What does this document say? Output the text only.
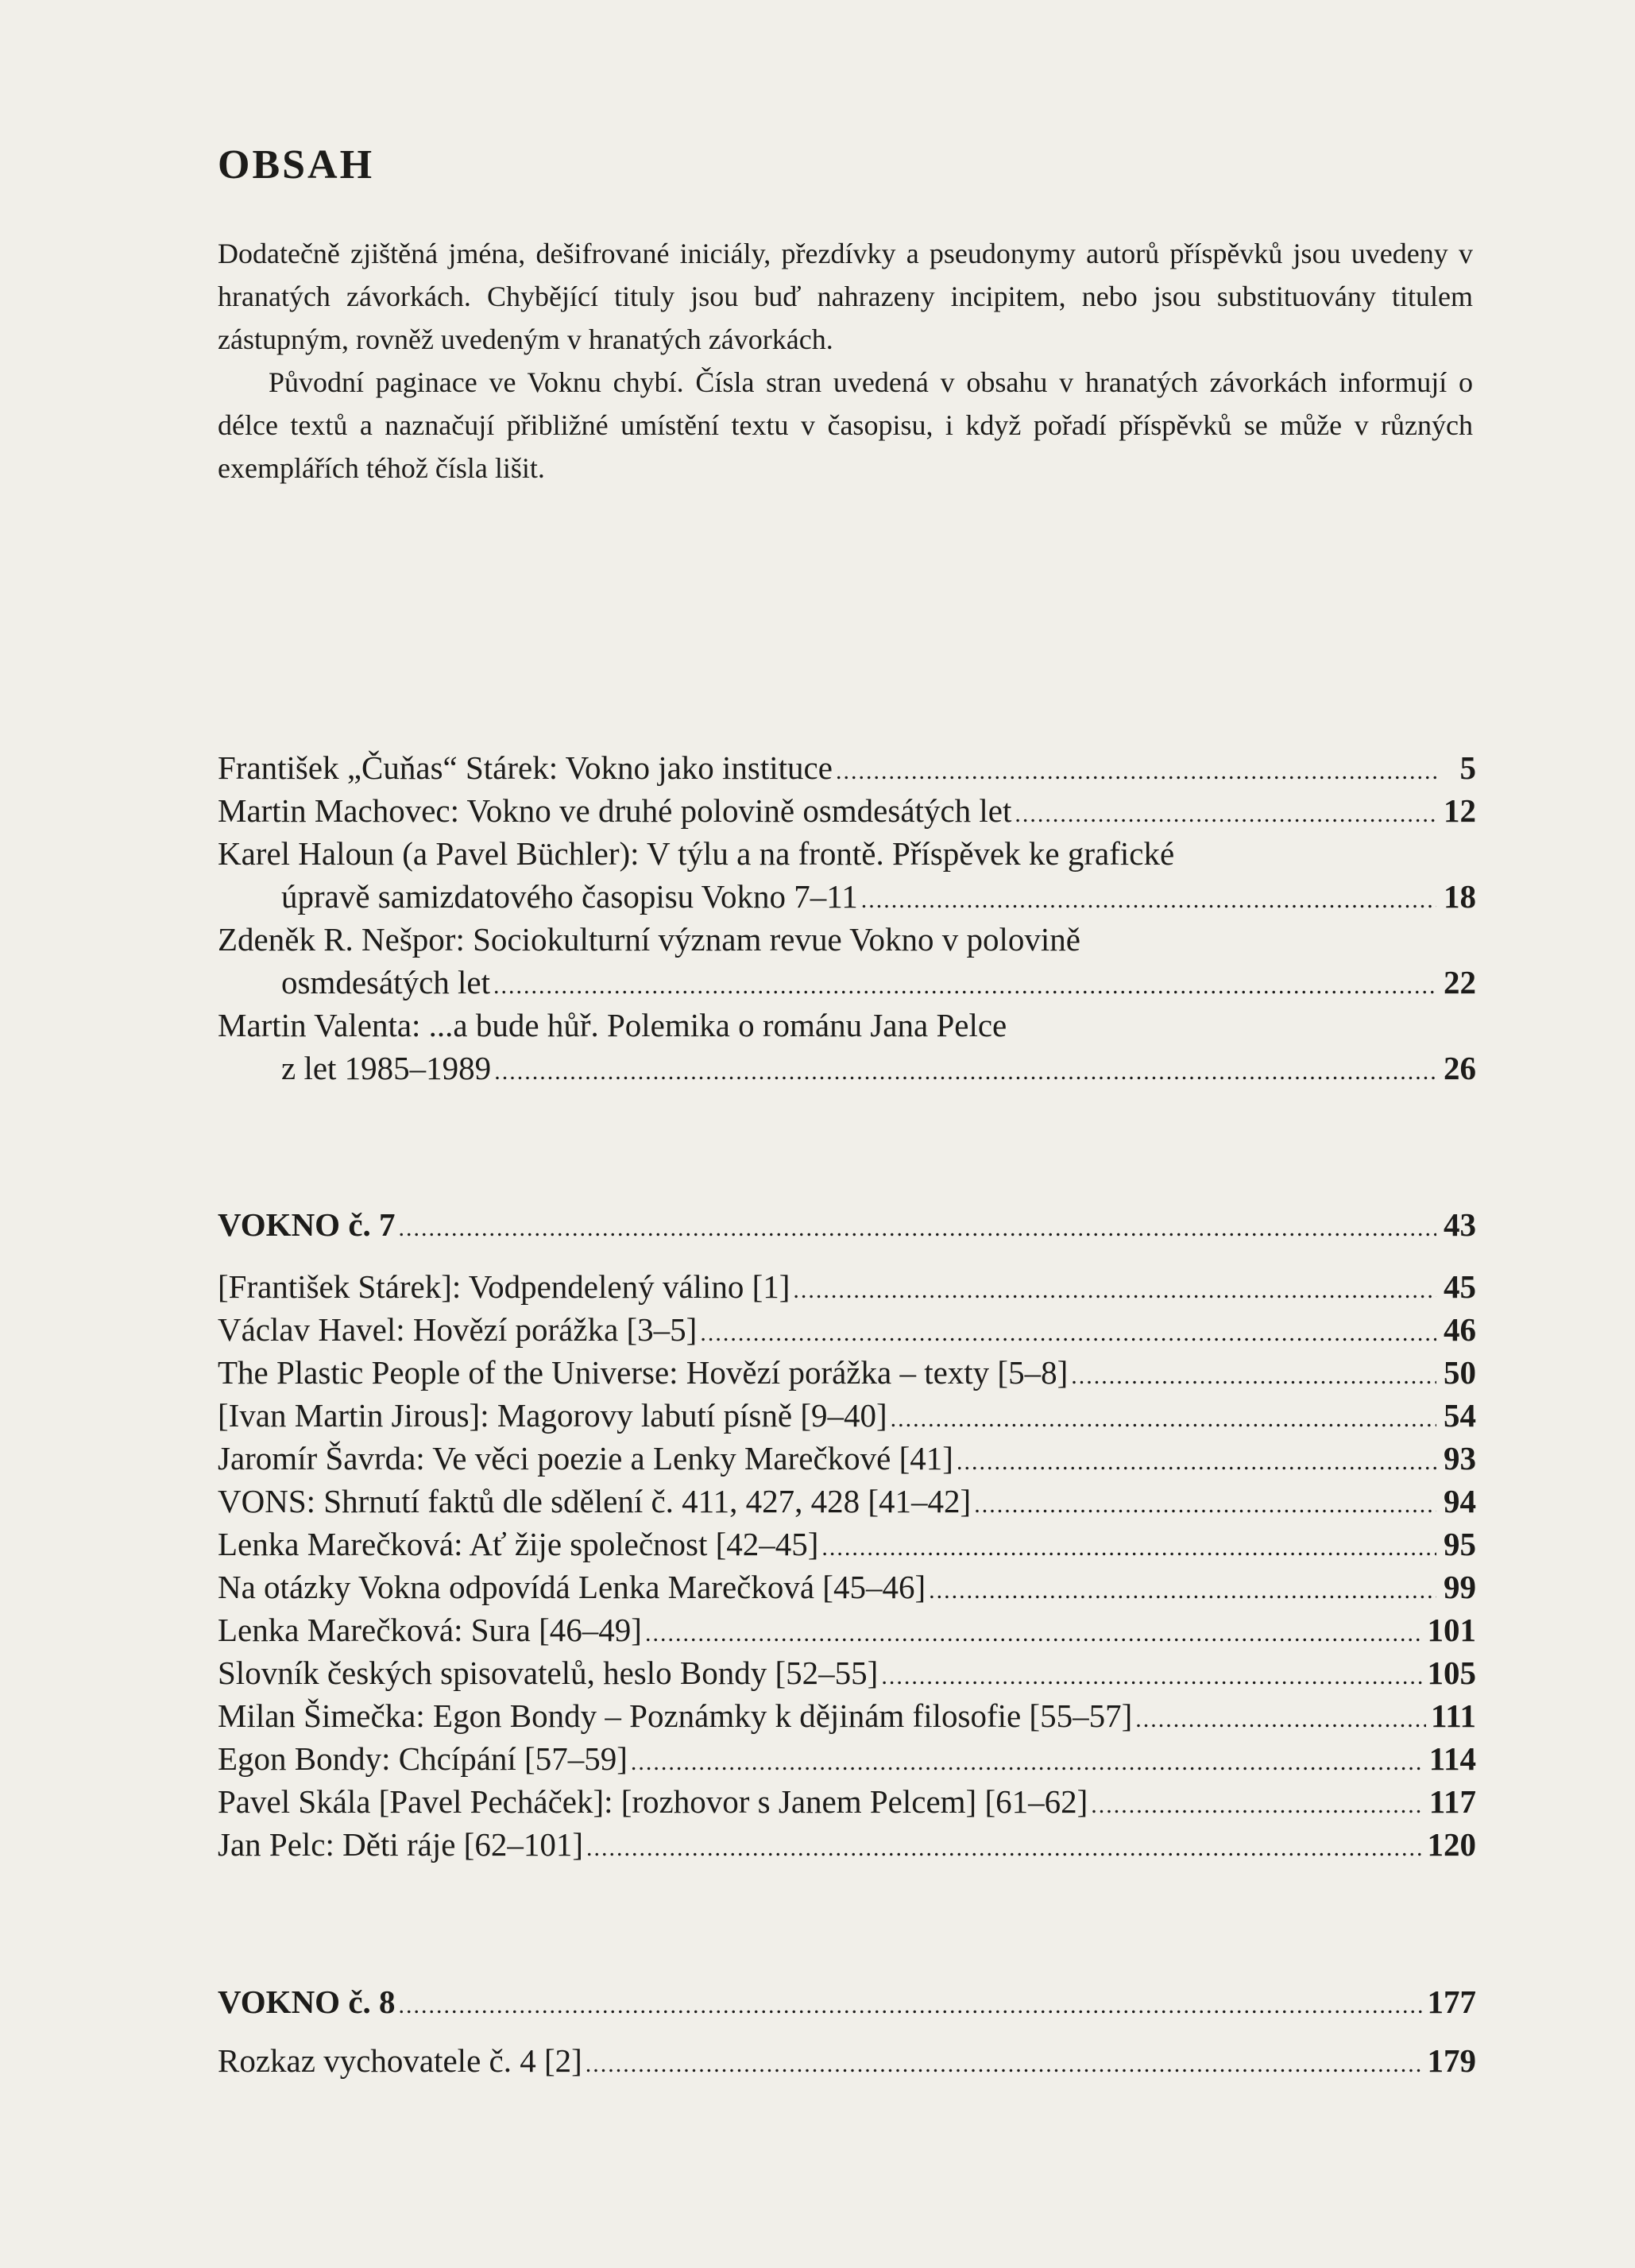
OBSAH

Dodatečně zjištěná jména, dešifrované iniciály, přezdívky a pseudonymy autorů příspěvků jsou uvedeny v hranatých závorkách. Chybějící tituly jsou buď nahrazeny incipitem, nebo jsou substituovány titulem zástupným, rovněž uvedeným v hranatých závorkách.

Původní paginace ve Voknu chybí. Čísla stran uvedená v obsahu v hranatých závorkách informují o délce textů a naznačují přibližné umístění textu v časopisu, i když pořadí příspěvků se může v různých exemplářích téhož čísla lišit.

František „Čuňas“ Stárek: Vokno jako instituce .....	5
Martin Machovec: Vokno ve druhé polovině osmdesátých let .....	12
Karel Haloun (a Pavel Büchler): V týlu a na frontě. Příspěvek ke grafické
úpravě samizdatového časopisu Vokno 7–11 .....	18
Zdeněk R. Nešpor: Sociokulturní význam revue Vokno v polovině
osmdesátých let .....	22
Martin Valenta: ...a bude hůř. Polemika o románu Jana Pelce
z let 1985–1989 .....	26
VOKNO č. 7 .....	43
[František Stárek]: Vodpendelený válino [1] .....	45
Václav Havel: Hovězí porážka [3–5] .....	46
The Plastic People of the Universe: Hovězí porážka – texty [5–8] .....	50
[Ivan Martin Jirous]: Magorovy labutí písně [9–40] .....	54
Jaromír Šavrda: Ve věci poezie a Lenky Marečkové [41] .....	93
VONS: Shrnutí faktů dle sdělení č. 411, 427, 428 [41–42] .....	94
Lenka Marečková: Ať žije společnost [42–45] .....	95
Na otázky Vokna odpovídá Lenka Marečková [45–46] .....	99
Lenka Marečková: Sura [46–49] .....	101
Slovník českých spisovatelů, heslo Bondy [52–55] .....	105
Milan Šimečka: Egon Bondy – Poznámky k dějinám filosofie [55–57] .....	111
Egon Bondy: Chcípání [57–59] .....	114
Pavel Skála [Pavel Pecháček]: [rozhovor s Janem Pelcem] [61–62] .....	117
Jan Pelc: Děti ráje [62–101] .....	120
VOKNO č. 8 .....	177
Rozkaz vychovatele č. 4 [2] .....	179
